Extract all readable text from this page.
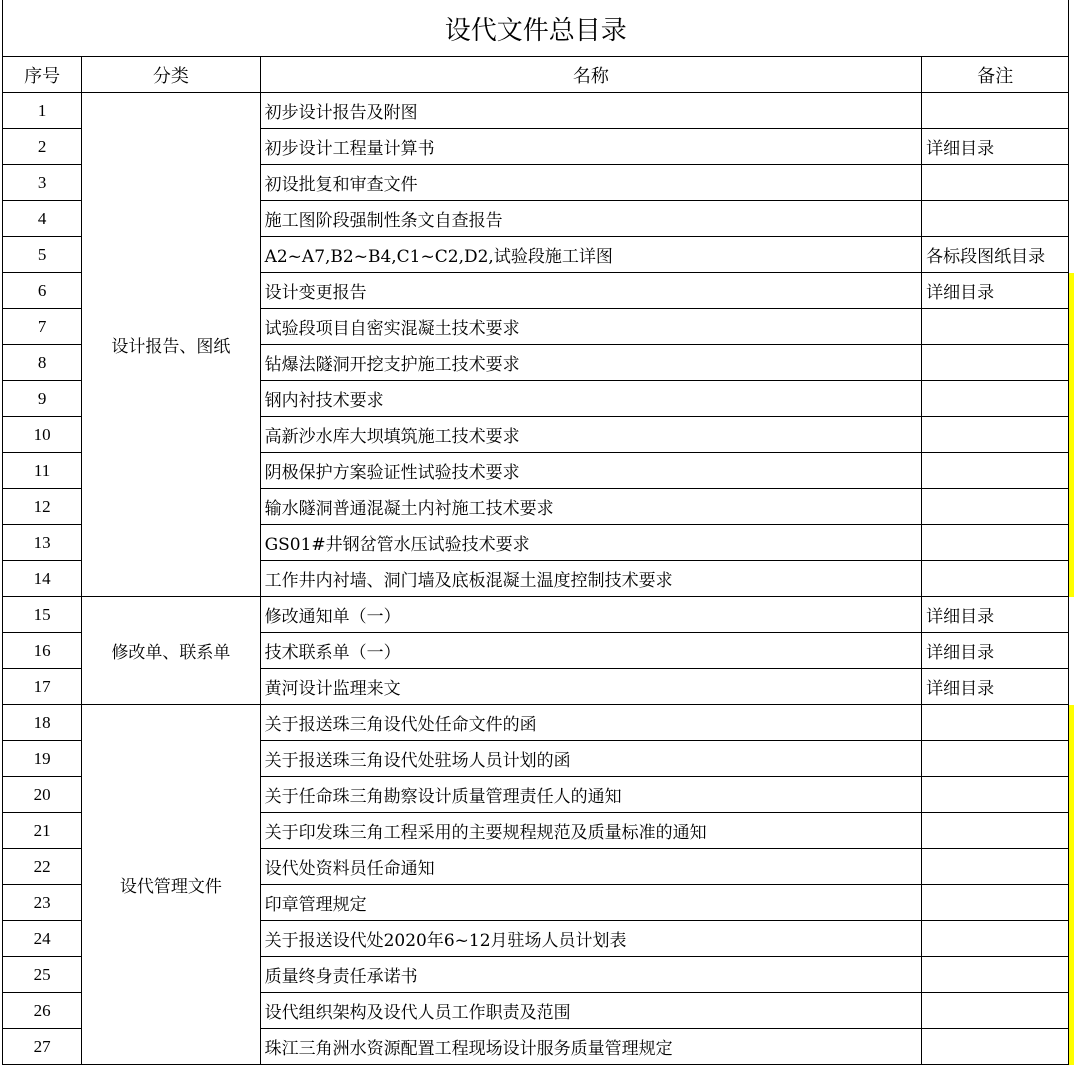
设代文件总目录				
序号	分类	名称	备注	
1	设计报告、图纸	初步设计报告及附图		
2		初步设计工程量计算书	详细目录	
3		初设批复和审查文件		
4		施工图阶段强制性条文自查报告		
5		A2~A7,B2~B4,C1~C2,D2,试验段施工详图	各标段图纸目录	
6		设计变更报告	详细目录	
7		试验段项目自密实混凝土技术要求		
8		钻爆法隧洞开挖支护施工技术要求		
9		钢内衬技术要求		
10		高新沙水库大坝填筑施工技术要求		
11		阴极保护方案验证性试验技术要求		
12		输水隧洞普通混凝土内衬施工技术要求		
13		GS01#井钢岔管水压试验技术要求		
14		工作井内衬墙、洞门墙及底板混凝土温度控制技术要求		
15	修改单、联系单	修改通知单（一）	详细目录	
16		技术联系单（一）	详细目录	
17		黄河设计监理来文	详细目录	
18	设代管理文件	关于报送珠三角设代处任命文件的函		
19		关于报送珠三角设代处驻场人员计划的函		
20		关于任命珠三角勘察设计质量管理责任人的通知		
21		关于印发珠三角工程采用的主要规程规范及质量标准的通知		
22		设代处资料员任命通知		
23		印章管理规定		
24		关于报送设代处2020年6~12月驻场人员计划表		
25		质量终身责任承诺书		
26		设代组织架构及设代人员工作职责及范围		
27		珠江三角洲水资源配置工程现场设计服务质量管理规定		
